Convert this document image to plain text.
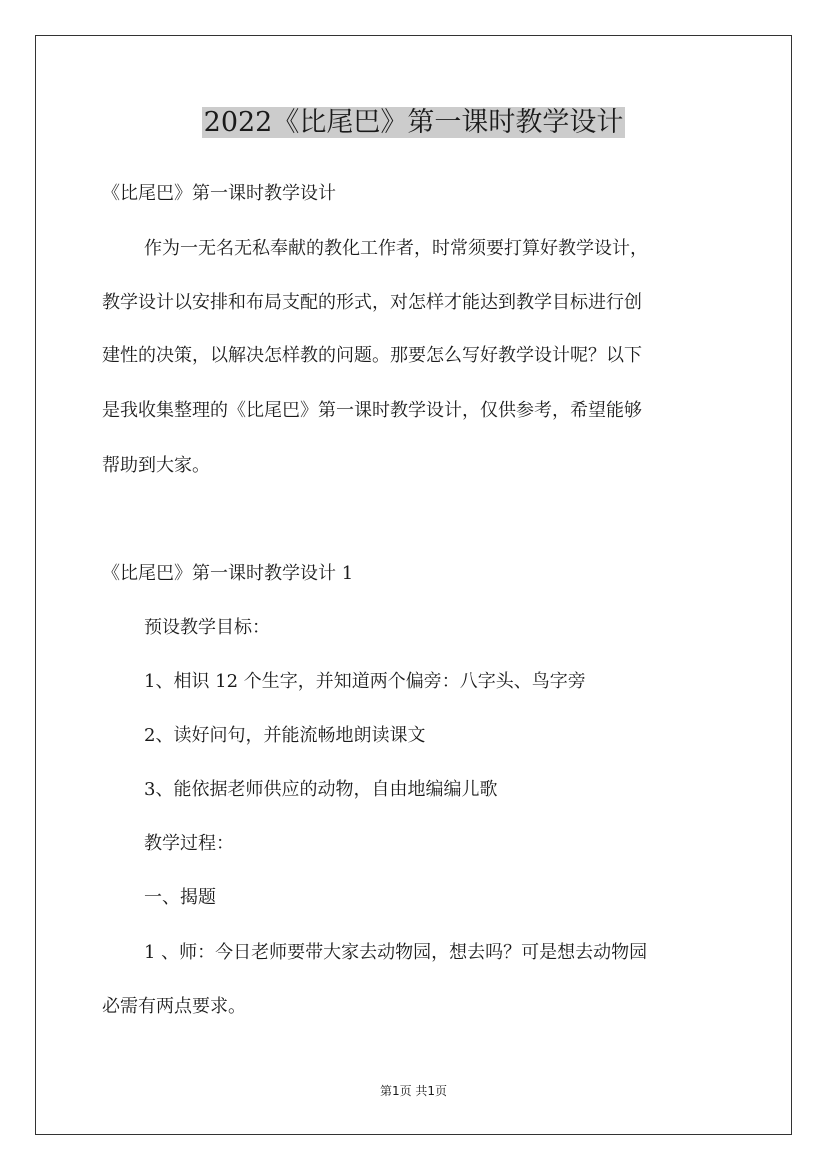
2022《比尾巴》第一课时教学设计
《比尾巴》第一课时教学设计
作为一无名无私奉献的教化工作者，时常须要打算好教学设计，
教学设计以安排和布局支配的形式，对怎样才能达到教学目标进行创
建性的决策，以解决怎样教的问题。那要怎么写好教学设计呢？以下
是我收集整理的《比尾巴》第一课时教学设计，仅供参考，希望能够
帮助到大家。
《比尾巴》第一课时教学设计 1
预设教学目标：
1、相识 12 个生字，并知道两个偏旁：八字头、鸟字旁
2、读好问句，并能流畅地朗读课文
3、能依据老师供应的动物，自由地编编儿歌
教学过程：
一、揭题
1 、师：今日老师要带大家去动物园，想去吗？可是想去动物园
必需有两点要求。
第1页 共1页
